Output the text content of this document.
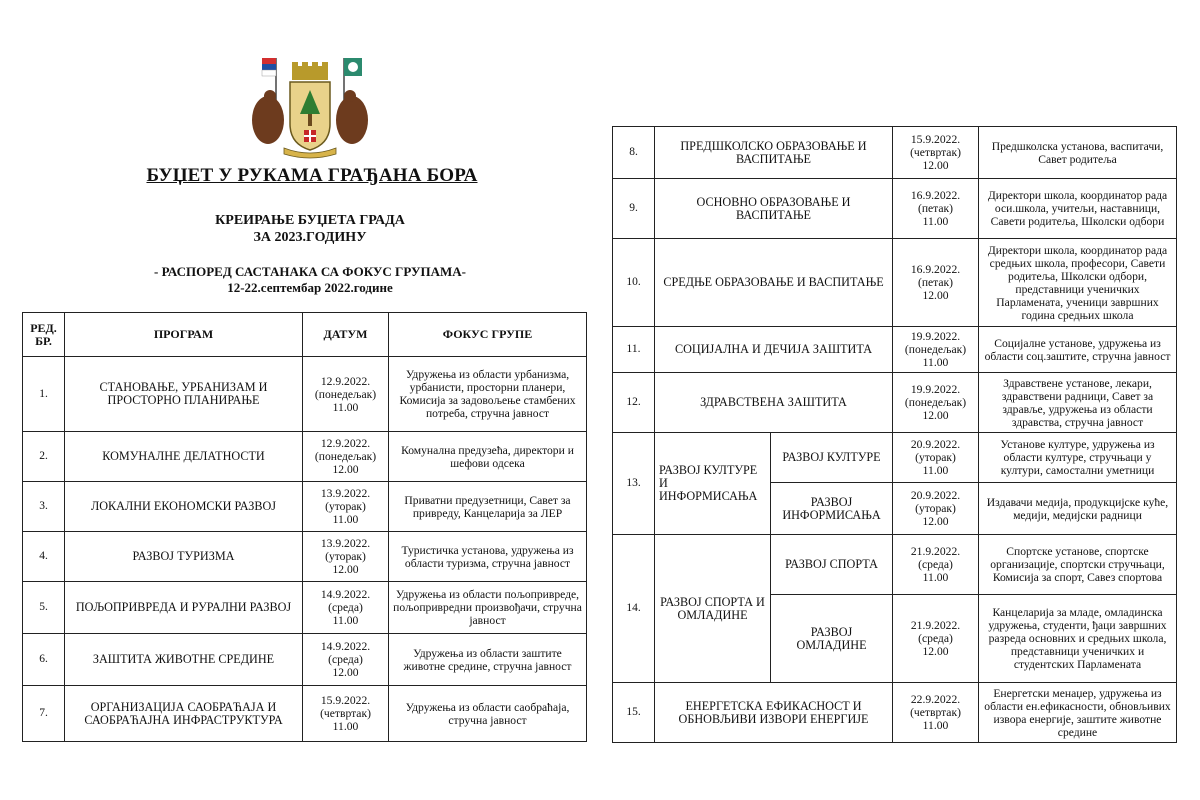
БУЏЕТ У РУКАМА ГРАЂАНА БОРА
КРЕИРАЊЕ БУЏЕТА ГРАДА
ЗА 2023.ГОДИНУ
- РАСПОРЕД САСТАНАКА СА ФОКУС ГРУПАМА-
12-22.септембар 2022.године
РЕД.
БР.	ПРОГРАМ	ДАТУМ	ФОКУС ГРУПЕ
1.	СТАНОВАЊЕ, УРБАНИЗАМ И ПРОСТОРНО ПЛАНИРАЊЕ	12.9.2022.
(понедељак)
11.00	Удружења из области урбанизма, урбанисти, просторни планери, Комисија за задовољење стамбених потреба, стручна јавност
2.	КОМУНАЛНЕ ДЕЛАТНОСТИ	12.9.2022.
(понедељак)
12.00	Комунална предузећа, директори и шефови одсека
3.	ЛОКАЛНИ ЕКОНОМСКИ РАЗВОЈ	13.9.2022.
(уторак)
11.00	Приватни предузетници, Савет за привреду, Канцеларија за ЛЕР
4.	РАЗВОЈ ТУРИЗМА	13.9.2022.
(уторак)
12.00	Туристичка установа, удружења из области туризма, стручна јавност
5.	ПОЉОПРИВРЕДА И РУРАЛНИ РАЗВОЈ	14.9.2022.
(среда)
11.00	Удружења из области пољопривреде, пољопривредни произвођачи, стручна јавност
6.	ЗАШТИТА ЖИВОТНЕ СРЕДИНЕ	14.9.2022.
(среда)
12.00	Удружења из области заштите животне средине, стручна јавност
7.	ОРГАНИЗАЦИЈА САОБРАЋАЈА И САОБРАЋАЈНА ИНФРАСТРУКТУРА	15.9.2022.
(четвртак)
11.00	Удружења из области саобраћаја, стручна јавност
8.	ПРЕДШКОЛСКО ОБРАЗОВАЊЕ И ВАСПИТАЊЕ		15.9.2022.
(четвртак)
12.00	Предшколска установа, васпитачи, Савет родитеља
9.	ОСНОВНО ОБРАЗОВАЊЕ И ВАСПИТАЊЕ		16.9.2022.
(петак)
11.00	Директори школа, координатор рада оси.школа, учитељи, наставници, Савети родитеља, Школски одбори
10.	СРЕДЊЕ ОБРАЗОВАЊЕ И ВАСПИТАЊЕ		16.9.2022.
(петак)
12.00	Директори школа, координатор рада средњих школа, професори, Савети родитеља, Школски одбори, представници ученичких Парламената, ученици завршних година средњих школа
11.	СОЦИЈАЛНА И ДЕЧИЈА ЗАШТИТА		19.9.2022.
(понедељак)
11.00	Социјалне установе, удружења из области соц.заштите, стручна јавност
12.	ЗДРАВСТВЕНА ЗАШТИТА		19.9.2022.
(понедељак)
12.00	Здравствене установе, лекари, здравствени радници, Савет за здравље, удружења из области здравства, стручна јавност
13.	РАЗВОЈ КУЛТУРЕ И ИНФОРМИСАЊА	РАЗВОЈ КУЛТУРЕ	20.9.2022.
(уторак)
11.00	Установе културе, удружења из области културе, стручњаци у култури, самостални уметници
		РАЗВОЈ ИНФОРМИСАЊА	20.9.2022.
(уторак)
12.00	Издавачи медија, продукцијске куће, медији, медијски радници
14.	РАЗВОЈ СПОРТА И ОМЛАДИНЕ	РАЗВОЈ СПОРТА	21.9.2022.
(среда)
11.00	Спортске установе, спортске организације, спортски стручњаци, Комисија за спорт, Савез спортова
		РАЗВОЈ ОМЛАДИНЕ	21.9.2022.
(среда)
12.00	Канцеларија за младе, омладинска удружења, студенти, ђаци завршних разреда основних и средњих школа, представници ученичких и студентских Парламената
15.	ЕНЕРГЕТСКА ЕФИКАСНОСТ И ОБНОВЉИВИ ИЗВОРИ ЕНЕРГИЈЕ		22.9.2022.
(четвртак)
11.00	Енергетски менаџер, удружења из области ен.ефикасности, обновљивих извора енергије, заштите животне средине
